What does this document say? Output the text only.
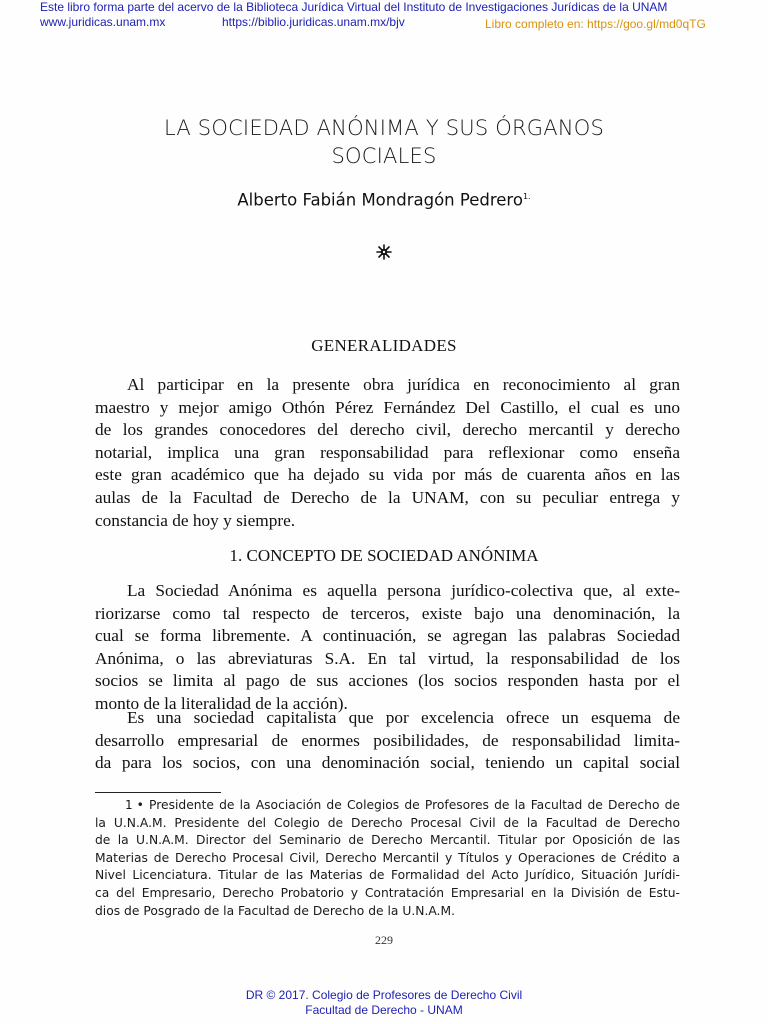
Este libro forma parte del acervo de la Biblioteca Jurídica Virtual del Instituto de Investigaciones Jurídicas de la UNAM
www.juridicas.unam.mx	https://biblio.juridicas.unam.mx/bjv	Libro completo en: https://goo.gl/md0qTG
LA SOCIEDAD ANÓNIMA Y SUS ÓRGANOS
SOCIALES
Alberto Fabián Mondragón Pedrero$^{1.}$
GENERALIDADES
Al participar en la presente obra jurídica en reconocimiento al gran
maestro y mejor amigo Othón Pérez Fernández Del Castillo, el cual es uno
de los grandes conocedores del derecho civil, derecho mercantil y derecho
notarial, implica una gran responsabilidad para reflexionar como enseña
este gran académico que ha dejado su vida por más de cuarenta años en las
aulas de la Facultad de Derecho de la UNAM, con su peculiar entrega y
constancia de hoy y siempre.
1. CONCEPTO DE SOCIEDAD ANÓNIMA
La Sociedad Anónima es aquella persona jurídico-colectiva que, al exte-
riorizarse como tal respecto de terceros, existe bajo una denominación, la
cual se forma libremente. A continuación, se agregan las palabras Sociedad
Anónima, o las abreviaturas S.A. En tal virtud, la responsabilidad de los
socios se limita al pago de sus acciones (los socios responden hasta por el
monto de la literalidad de la acción).
Es una sociedad capitalista que por excelencia ofrece un esquema de
desarrollo empresarial de enormes posibilidades, de responsabilidad limita-
da para los socios, con una denominación social, teniendo un capital social
1 • Presidente de la Asociación de Colegios de Profesores de la Facultad de Derecho de
la U.N.A.M. Presidente del Colegio de Derecho Procesal Civil de la Facultad de Derecho
de la U.N.A.M. Director del Seminario de Derecho Mercantil. Titular por Oposición de las
Materias de Derecho Procesal Civil, Derecho Mercantil y Títulos y Operaciones de Crédito a
Nivel Licenciatura. Titular de las Materias de Formalidad del Acto Jurídico, Situación Jurídi-
ca del Empresario, Derecho Probatorio y Contratación Empresarial en la División de Estu-
dios de Posgrado de la Facultad de Derecho de la U.N.A.M.
229
DR © 2017. Colegio de Profesores de Derecho Civil
Facultad de Derecho - UNAM
